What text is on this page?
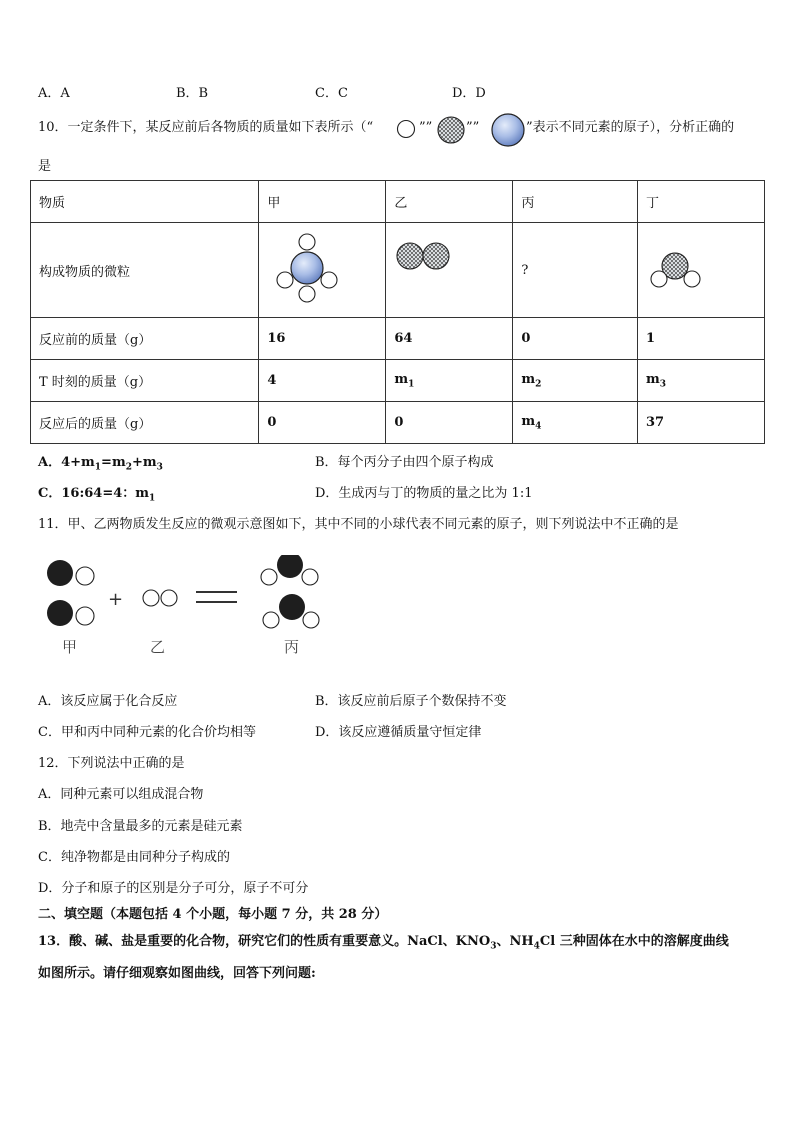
A．A	B．B	C．C	D．D
10．一定条件下，某反应前后各物质的质量如下表所示（“	””	””	”表示不同元素的原子），分析正确的
是
物质	甲	乙	丙	丁
构成物质的微粒			?	

反应前的质量（g）	16	64	0	1
T 时刻的质量（g）	4	$m_1$	$m_2$	$m_3$
反应后的质量（g）	0	0	$m_4$	37
A．$4+m_1=m_2+m_3$	B．每个丙分子由四个原子构成
C．16:64=4：$m_1$	D．生成丙与丁的物质的量之比为 1:1
11．甲、乙两物质发生反应的微观示意图如下，其中不同的小球代表不同元素的原子，则下列说法中不正确的是
+
甲	乙	丙
A．该反应属于化合反应	B．该反应前后原子个数保持不变
C．甲和丙中同种元素的化合价均相等	D．该反应遵循质量守恒定律
12．下列说法中正确的是
A．同种元素可以组成混合物
B．地壳中含量最多的元素是硅元素
C．纯净物都是由同种分子构成的
D．分子和原子的区别是分子可分，原子不可分
二、填空题（本题包括 4 个小题，每小题 7 分，共 28 分）
13．酸、碱、盐是重要的化合物，研究它们的性质有重要意义。NaCl、$KNO_3$、$NH_4Cl$ 三种固体在水中的溶解度曲线
如图所示。请仔细观察如图曲线，回答下列问题:
